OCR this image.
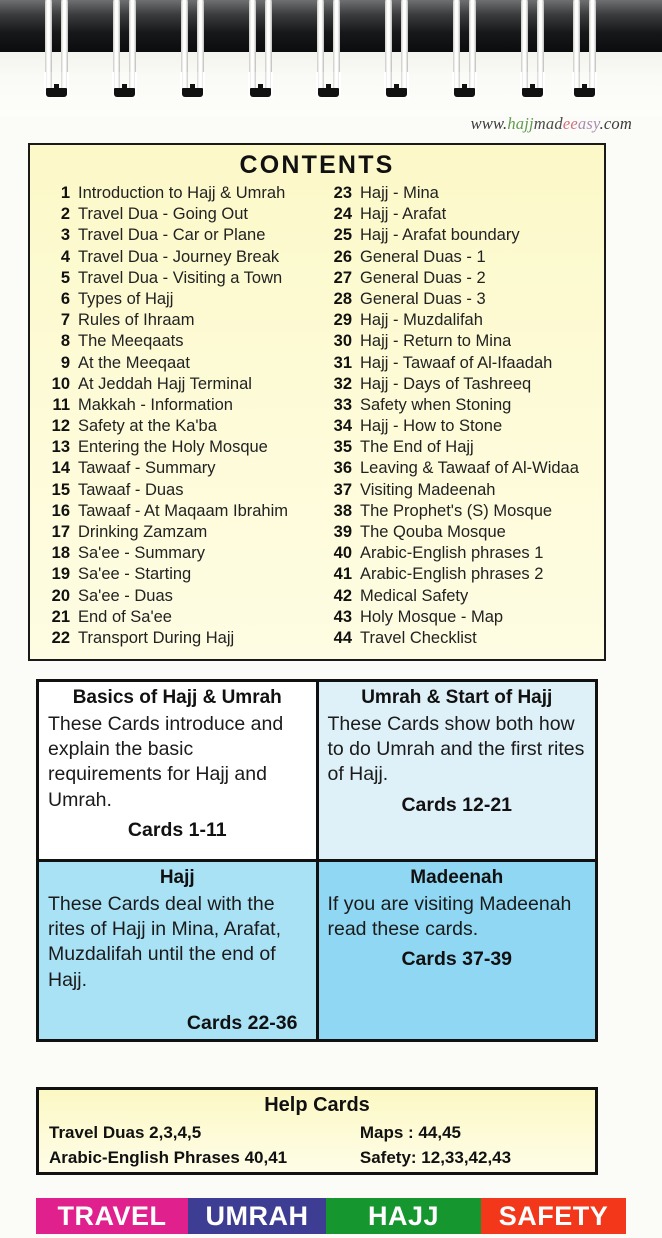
www.hajjmadeeasy.com
CONTENTS
1 Introduction to Hajj & Umrah
2 Travel Dua - Going Out
3 Travel Dua - Car or Plane
4 Travel Dua - Journey Break
5 Travel Dua - Visiting a Town
6 Types of Hajj
7 Rules of Ihraam
8 The Meeqaats
9 At the Meeqaat
10 At Jeddah Hajj Terminal
11 Makkah - Information
12 Safety at the Ka'ba
13 Entering the Holy Mosque
14 Tawaaf - Summary
15 Tawaaf - Duas
16 Tawaaf - At Maqaam Ibrahim
17 Drinking Zamzam
18 Sa'ee - Summary
19 Sa'ee - Starting
20 Sa'ee - Duas
21 End of Sa'ee
22 Transport During Hajj
23 Hajj - Mina
24 Hajj - Arafat
25 Hajj - Arafat boundary
26 General Duas - 1
27 General Duas - 2
28 General Duas - 3
29 Hajj - Muzdalifah
30 Hajj - Return to Mina
31 Hajj - Tawaaf of Al-Ifaadah
32 Hajj - Days of Tashreeq
33 Safety when Stoning
34 Hajj - How to Stone
35 The End of Hajj
36 Leaving & Tawaaf of Al-Widaa
37 Visiting Madeenah
38 The Prophet's (S) Mosque
39 The Qouba Mosque
40 Arabic-English phrases 1
41 Arabic-English phrases 2
42 Medical Safety
43 Holy Mosque - Map
44 Travel Checklist
Basics of Hajj & Umrah
These Cards introduce and explain the basic requirements for Hajj and Umrah.
Cards 1-11
Umrah & Start of Hajj
These Cards show both how to do Umrah and the first rites of Hajj.
Cards 12-21
Hajj
These Cards deal with the rites of Hajj in Mina, Arafat, Muzdalifah until the end of Hajj.
Cards 22-36
Madeenah
If you are visiting Madeenah read these cards.
Cards 37-39
Help Cards
Travel Duas 2,3,4,5	Maps : 44,45
Arabic-English Phrases 40,41	Safety: 12,33,42,43
TRAVEL	UMRAH	HAJJ	SAFETY
